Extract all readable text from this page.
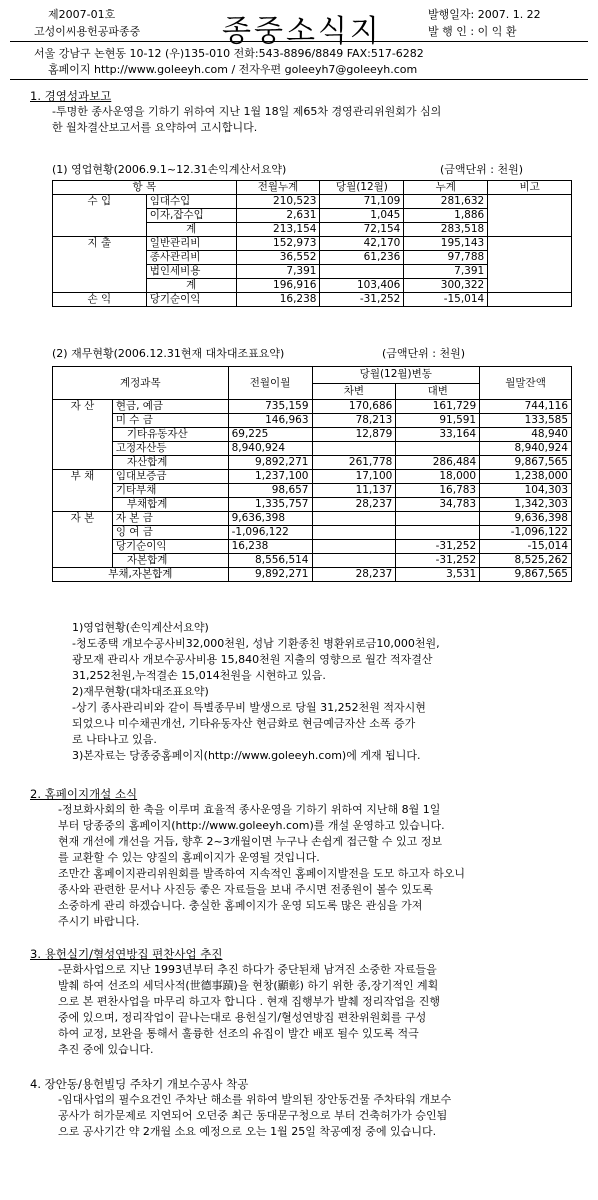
제2007-01호
고성이씨용헌공파종중	종중소식지	발행일자: 2007. 1. 22
발 행 인 : 이 익 환
서울 강남구 논현동 10-12 (우)135-010 전화:543-8896/8849 FAX:517-6282
홈페이지 http://www.goleeyh.com / 전자우편 goleeyh7@goleeyh.com
1. 경영성과보고
-투명한 종사운영을 기하기 위하여 지난 1월 18일 제65차 경영관리위원회가 심의
한 월차결산보고서를 요약하여 고시합니다.
(1) 영업현황(2006.9.1~12.31손익계산서요약)	(금액단위 : 천원)
항 목		전월누계	당월(12월)	누계	비고
수 입	임대수입	210,523	71,109	281,632	
	이자,잡수입	2,631	1,045	1,886	
	계	213,154	72,154	283,518	
지 출	일반관리비	152,973	42,170	195,143	
	종사관리비	36,552	61,236	97,788	
	법인세비용	7,391		7,391	
	계	196,916	103,406	300,322	
손 익	당기순이익	16,238	-31,252	-15,014	
(2) 재무현황(2006.12.31현재 대차대조표요약)	(금액단위 : 천원)
계정과목		전월이월	당월(12월)변동		월말잔액
			차변	대변	
자 산	현금, 예금	735,159	170,686	161,729	744,116
	미 수 금	146,963	78,213	91,591	133,585
	기타유동자산	69,225	12,879	33,164	48,940
	고정자산등	8,940,924			8,940,924
	자산합계	9,892,271	261,778	286,484	9,867,565
부 채	임대보증금	1,237,100	17,100	18,000	1,238,000
	기타부채	98,657	11,137	16,783	104,303
	부채합계	1,335,757	28,237	34,783	1,342,303
자 본	자 본 금	9,636,398			9,636,398
	잉 여 금	-1,096,122			-1,096,122
	당기순이익	16,238		-31,252	-15,014
	자본합계	8,556,514		-31,252	8,525,262
부채,자본합계		9,892,271	28,237	3,531	9,867,565
1)영업현황(손익계산서요약)
-청도종택 개보수공사비32,000천원, 성남 기환종친 병환위로금10,000천원,
광모재 관리사 개보수공사비용 15,840천원 지출의 영향으로 월간 적자결산
31,252천원,누적결손 15,014천원을 시현하고 있음.
2)재무현황(대차대조표요약)
-상기 종사관리비와 같이 특별종무비 발생으로 당월 31,252천원 적자시현
되었으나 미수채권개선, 기타유동자산 현금화로 현금예금자산 소폭 증가
로 나타나고 있음.
3)본자료는 당종중홈페이지(http://www.goleeyh.com)에 게재 됩니다.
2. 홈페이지개설 소식
-정보화사회의 한 축을 이루며 효율적 종사운영을 기하기 위하여 지난해 8월 1일
부터 당종중의 홈페이지(http://www.goleeyh.com)를 개설 운영하고 있습니다.
현재 개선에 개선을 거듭, 향후 2~3개월이면 누구나 손쉽게 접근할 수 있고 정보
를 교환할 수 있는 양질의 홈페이지가 운영될 것입니다.
조만간 홈페이지관리위원회를 발족하여 지속적인 홈페이지발전을 도모 하고자 하오니
종사와 관련한 문서나 사진등 좋은 자료들을 보내 주시면 전종원이 볼수 있도록
소중하게 관리 하겠습니다. 충실한 홈페이지가 운영 되도록 많은 관심을 가져
주시기 바랍니다.
3. 용헌실기/혈성연방집 편찬사업 추진
-문화사업으로 지난 1993년부터 추진 하다가 중단된채 남겨진 소중한 자료들을
발췌 하여 선조의 세덕사적(世德事蹟)을 현창(顯彰) 하기 위한 종,장기적인 계획
으로 본 편찬사업을 마무리 하고자 합니다 . 현재 집행부가 발췌 정리작업을 진행
중에 있으며, 정리작업이 끝나는대로 용헌실기/혈성연방집 편찬위원회를 구성
하여 교정, 보완을 통해서 훌륭한 선조의 유집이 발간 배포 될수 있도록 적극
추진 중에 있습니다.
4. 장안동/용헌빌딩 주차기 개보수공사 착공
-임대사업의 필수요건인 주차난 해소를 위하여 발의된 장안동건물 주차타워 개보수
공사가 허가문제로 지연되어 오던중 최근 동대문구청으로 부터 건축허가가 승인됨
으로 공사기간 약 2개월 소요 예정으로 오는 1월 25일 착공예정 중에 있습니다.
